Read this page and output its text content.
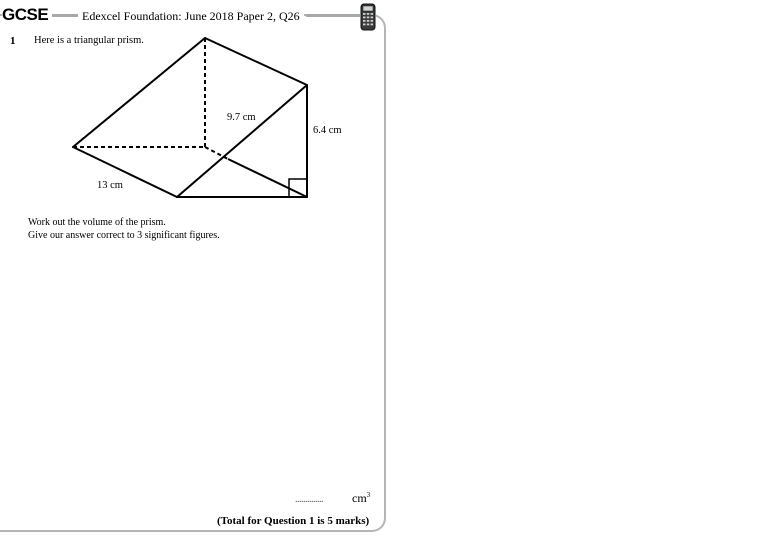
GCSE	Edexcel Foundation: June 2018 Paper 2, Q26
1 Here is a triangular prism.
9.7 cm
6.4 cm
13 cm
Work out the volume of the prism.
Give our answer correct to 3 significant figures.
.............. $cm^3$
(Total for Question 1 is 5 marks)
